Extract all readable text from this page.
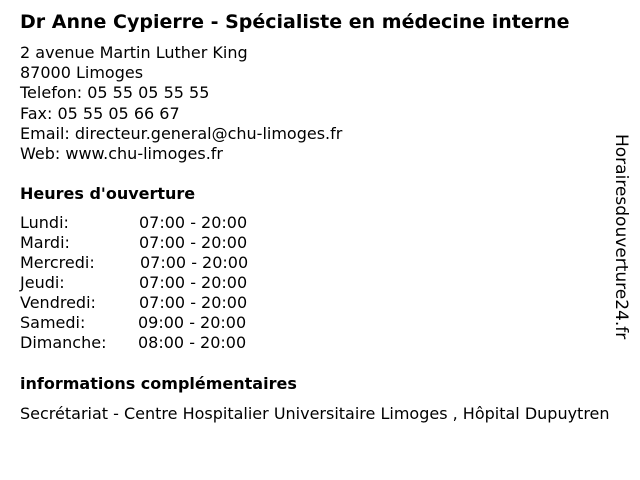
Dr Anne Cypierre - Spécialiste en médecine interne
2 avenue Martin Luther King
87000 Limoges
Telefon: 05 55 05 55 55
Fax: 05 55 05 66 67
Email: directeur.general@chu-limoges.fr
Web: www.chu-limoges.fr
Heures d'ouverture
Lundi:	07:00 - 20:00
Mardi:	07:00 - 20:00
Mercredi:	07:00 - 20:00
Jeudi:	07:00 - 20:00
Vendredi:	07:00 - 20:00
Samedi:	09:00 - 20:00
Dimanche: 08:00 - 20:00
informations complémentaires
Secrétariat - Centre Hospitalier Universitaire Limoges , Hôpital Dupuytren
Horairesdouverture24.fr
